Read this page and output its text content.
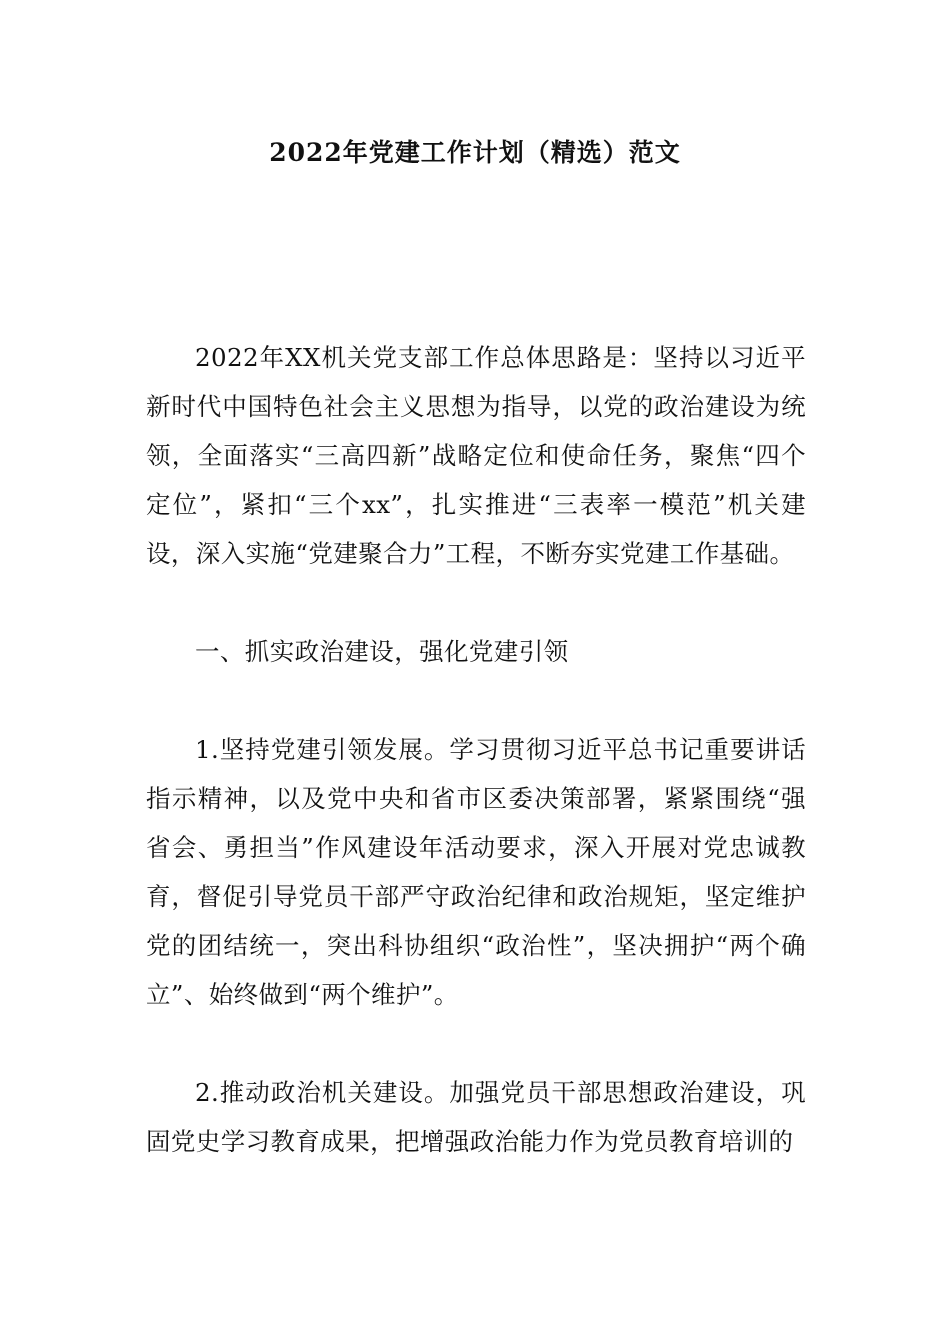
2022年党建工作计划（精选）范文

2022年XX机关党支部工作总体思路是：坚持以习近平新时代中国特色社会主义思想为指导，以党的政治建设为统领，全面落实“三高四新”战略定位和使命任务，聚焦“四个定位”，紧扣“三个xx”，扎实推进“三表率一模范”机关建设，深入实施“党建聚合力”工程，不断夯实党建工作基础。

一、抓实政治建设，强化党建引领

1.坚持党建引领发展。学习贯彻习近平总书记重要讲话指示精神，以及党中央和省市区委决策部署，紧紧围绕“强省会、勇担当”作风建设年活动要求，深入开展对党忠诚教育，督促引导党员干部严守政治纪律和政治规矩，坚定维护党的团结统一，突出科协组织“政治性”，坚决拥护“两个确立”、始终做到“两个维护”。

2.推动政治机关建设。加强党员干部思想政治建设，巩固党史学习教育成果，把增强政治能力作为党员教育培训的
